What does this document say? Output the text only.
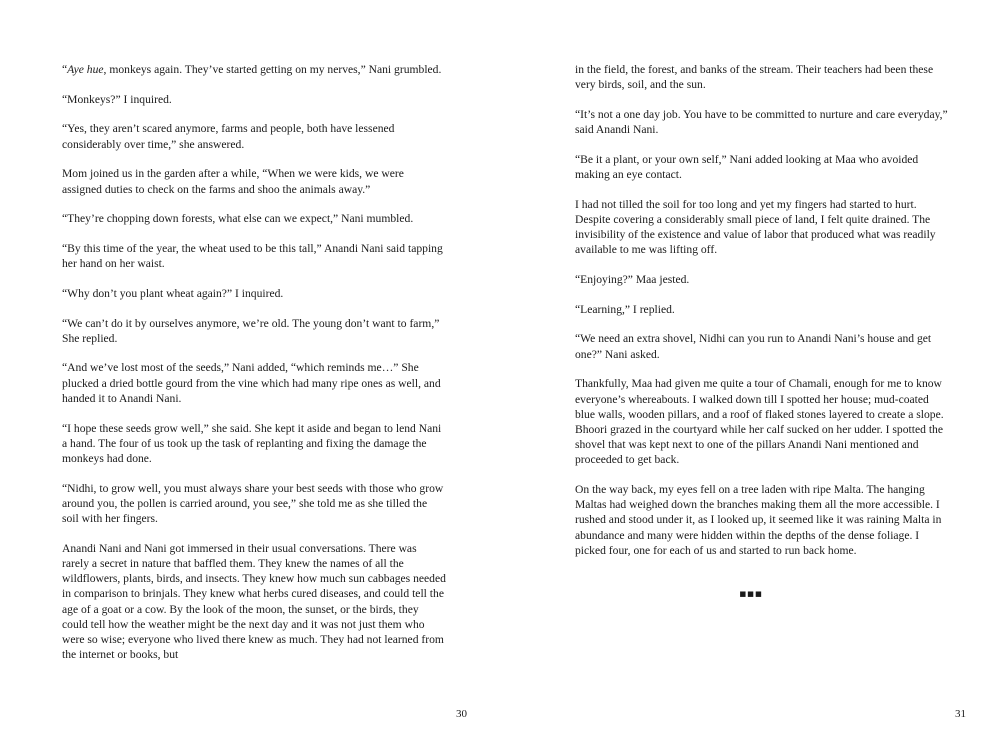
“Aye hue, monkeys again. They’ve started getting on my nerves,” Nani grumbled.

“Monkeys?” I inquired.

“Yes, they aren’t scared anymore, farms and people, both have lessened considerably over time,” she answered.

Mom joined us in the garden after a while, “When we were kids, we were assigned duties to check on the farms and shoo the animals away.”

“They’re chopping down forests, what else can we expect,” Nani mumbled.

“By this time of the year, the wheat used to be this tall,” Anandi Nani said tapping her hand on her waist.

“Why don’t you plant wheat again?” I inquired.

“We can’t do it by ourselves anymore, we’re old. The young don’t want to farm,” She replied.

“And we’ve lost most of the seeds,” Nani added, “which reminds me…” She plucked a dried bottle gourd from the vine which had many ripe ones as well, and handed it to Anandi Nani.

“I hope these seeds grow well,” she said. She kept it aside and began to lend Nani a hand. The four of us took up the task of replanting and fixing the damage the monkeys had done.

“Nidhi, to grow well, you must always share your best seeds with those who grow around you, the pollen is carried around, you see,” she told me as she tilled the soil with her fingers.

Anandi Nani and Nani got immersed in their usual conversations. There was rarely a secret in nature that baffled them. They knew the names of all the wildflowers, plants, birds, and insects. They knew how much sun cabbages needed in comparison to brinjals. They knew what herbs cured diseases, and could tell the age of a goat or a cow. By the look of the moon, the sunset, or the birds, they could tell how the weather might be the next day and it was not just them who were so wise; everyone who lived there knew as much. They had not learned from the internet or books, but

30

in the field, the forest, and banks of the stream. Their teachers had been these very birds, soil, and the sun.

“It’s not a one day job. You have to be committed to nurture and care everyday,” said Anandi Nani.

“Be it a plant, or your own self,” Nani added looking at Maa who avoided making an eye contact.

I had not tilled the soil for too long and yet my fingers had started to hurt. Despite covering a considerably small piece of land, I felt quite drained. The invisibility of the existence and value of labor that produced what was readily available to me was lifting off.

“Enjoying?” Maa jested.

“Learning,” I replied.

“We need an extra shovel, Nidhi can you run to Anandi Nani’s house and get one?” Nani asked.

Thankfully, Maa had given me quite a tour of Chamali, enough for me to know everyone’s whereabouts. I walked down till I spotted her house; mud-coated blue walls, wooden pillars, and a roof of flaked stones layered to create a slope. Bhoori grazed in the courtyard while her calf sucked on her udder. I spotted the shovel that was kept next to one of the pillars Anandi Nani mentioned and proceeded to get back.

On the way back, my eyes fell on a tree laden with ripe Malta. The hanging Maltas had weighed down the branches making them all the more accessible. I rushed and stood under it, as I looked up, it seemed like it was raining Malta in abundance and many were hidden within the depths of the dense foliage. I picked four, one for each of us and started to run back home.

▪▪▪
31
